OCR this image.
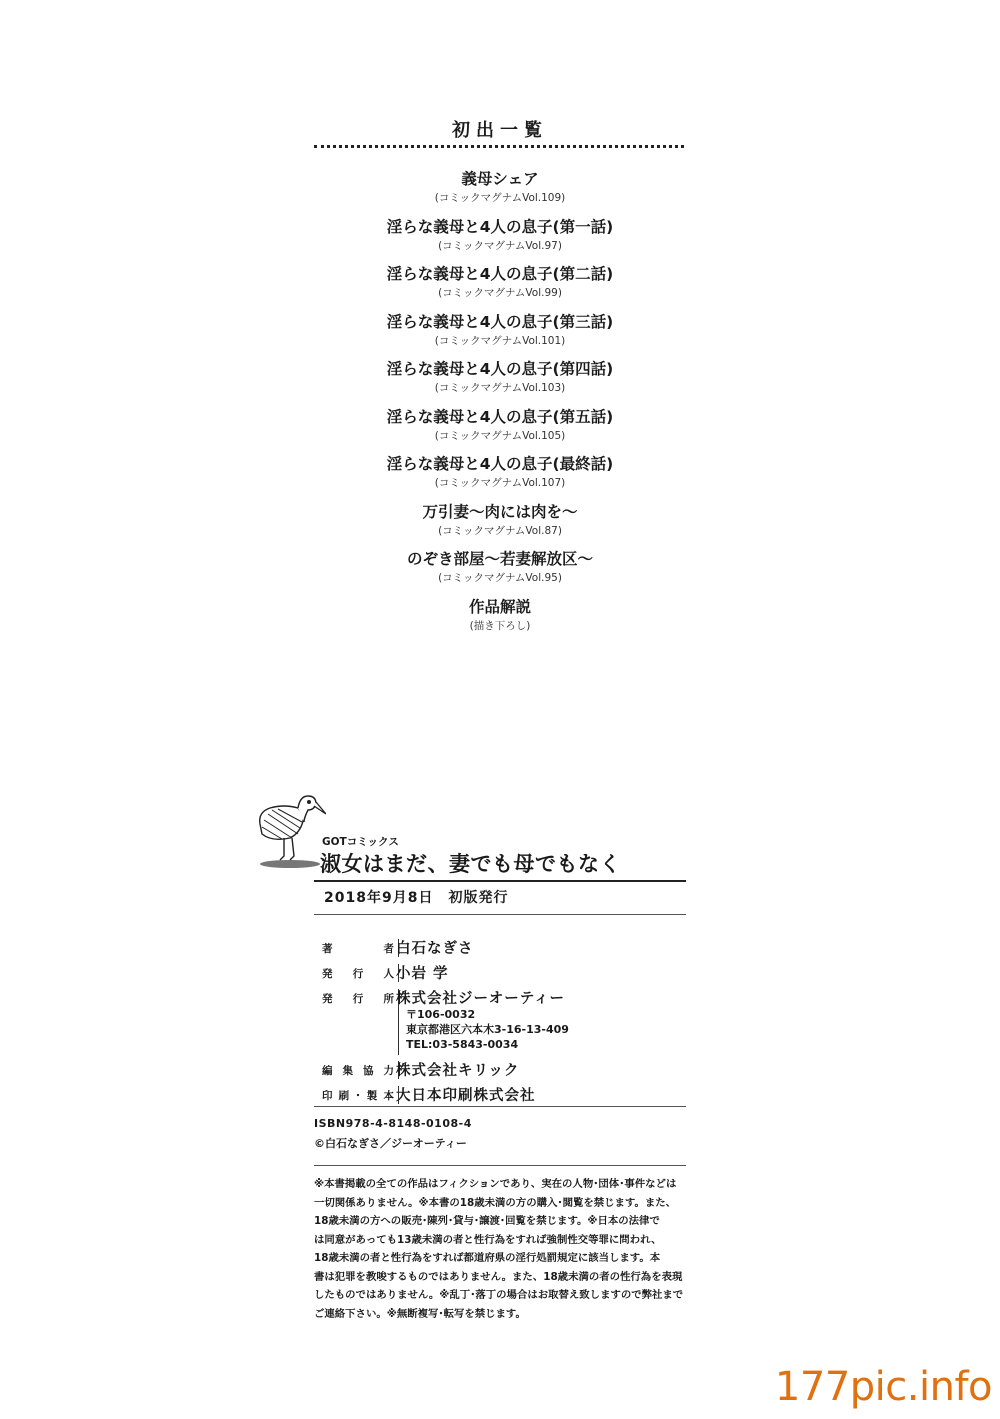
初出一覧
義母シェア
(コミックマグナムVol.109)
淫らな義母と4人の息子(第一話)
(コミックマグナムVol.97)
淫らな義母と4人の息子(第二話)
(コミックマグナムVol.99)
淫らな義母と4人の息子(第三話)
(コミックマグナムVol.101)
淫らな義母と4人の息子(第四話)
(コミックマグナムVol.103)
淫らな義母と4人の息子(第五話)
(コミックマグナムVol.105)
淫らな義母と4人の息子(最終話)
(コミックマグナムVol.107)
万引妻～肉には肉を～
(コミックマグナムVol.87)
のぞき部屋～若妻解放区～
(コミックマグナムVol.95)
作品解説
(描き下ろし)
GOTコミックス
淑女はまだ、妻でも母でもなく
2018年9月8日　初版発行
著者 白石なぎさ
発行人 小岩 学
発行所 株式会社ジーオーティー
〒106-0032
東京都港区六本木3-16-13-409
TEL:03-5843-0034
編集協力 株式会社キリック
印刷･製本 大日本印刷株式会社
ISBN978-4-8148-0108-4
©白石なぎさ／ジーオーティー
※本書掲載の全ての作品はフィクションであり、実在の人物･団体･事件などは
一切関係ありません。※本書の18歳未満の方の購入･閲覧を禁じます。また、
18歳未満の方への販売･陳列･貸与･譲渡･回覧を禁じます。※日本の法律で
は同意があっても13歳未満の者と性行為をすれば強制性交等罪に問われ、
18歳未満の者と性行為をすれば都道府県の淫行処罰規定に該当します。本
書は犯罪を教唆するものではありません。また、18歳未満の者の性行為を表現
したものではありません。※乱丁･落丁の場合はお取替え致しますので弊社まで
ご連絡下さい。※無断複写･転写を禁じます。
177pic.info
